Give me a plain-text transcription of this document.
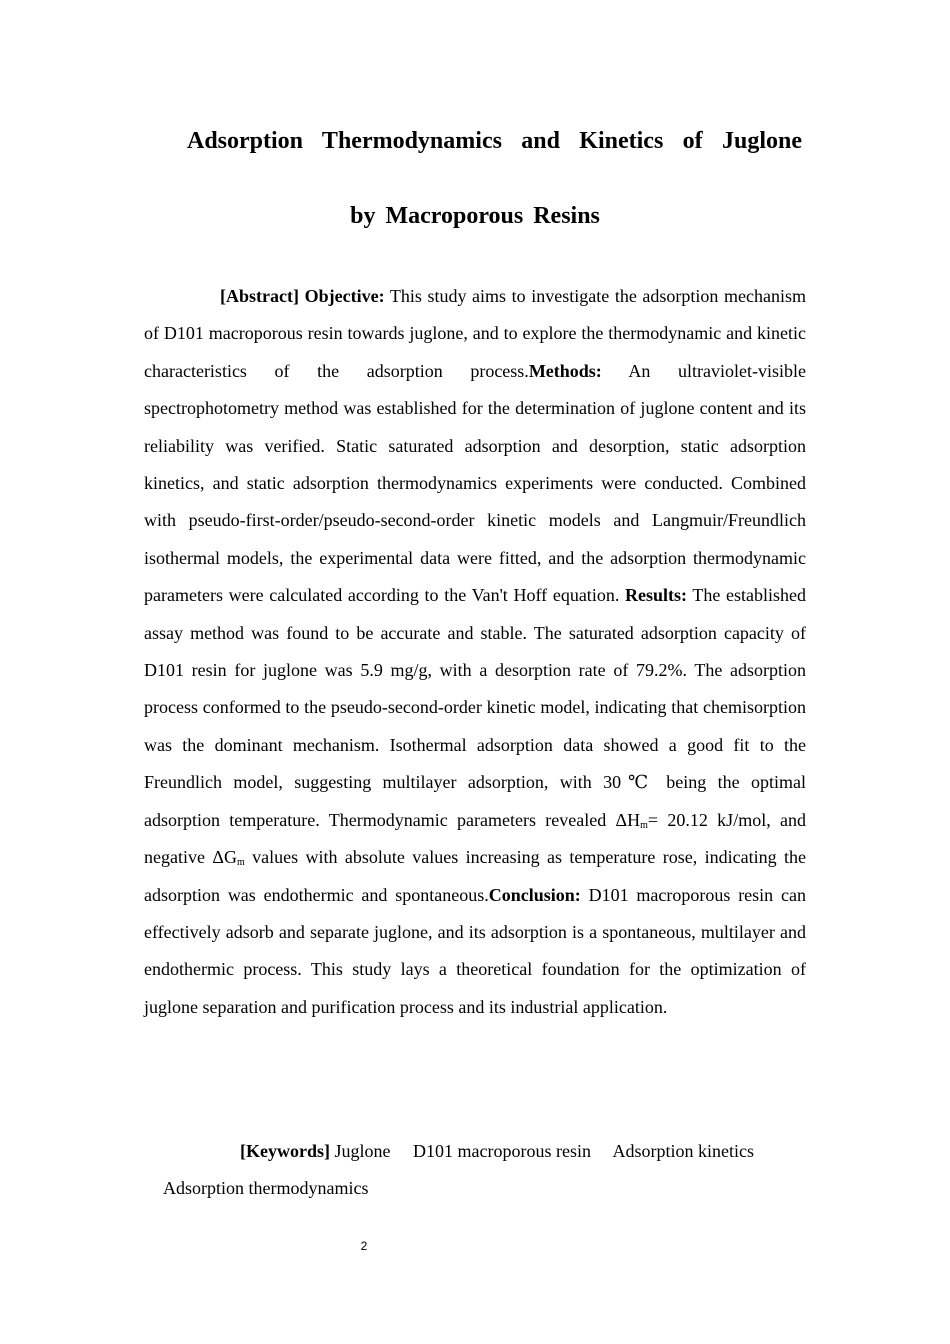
Adsorption Thermodynamics and Kinetics of Juglone
by Macroporous Resins

[Abstract] Objective: This study aims to investigate the adsorption mechanism of D101 macroporous resin towards juglone, and to explore the thermodynamic and kinetic characteristics of the adsorption process.Methods: An ultraviolet-visible spectrophotometry method was established for the determination of juglone content and its reliability was verified. Static saturated adsorption and desorption, static adsorption kinetics, and static adsorption thermodynamics experiments were conducted. Combined with pseudo-first-order/pseudo-second-order kinetic models and Langmuir/Freundlich isothermal models, the experimental data were fitted, and the adsorption thermodynamic parameters were calculated according to the Van't Hoff equation. Results: The established assay method was found to be accurate and stable. The saturated adsorption capacity of D101 resin for juglone was 5.9 mg/g, with a desorption rate of 79.2%. The adsorption process conformed to the pseudo-second-order kinetic model, indicating that chemisorption was the dominant mechanism. Isothermal adsorption data showed a good fit to the Freundlich model, suggesting multilayer adsorption, with 30℃ being the optimal adsorption temperature. Thermodynamic parameters revealed $\Delta H_m= 20.12$ kJ/mol, and negative $\Delta G_m$ values with absolute values increasing as temperature rose, indicating the adsorption was endothermic and spontaneous.Conclusion: D101 macroporous resin can effectively adsorb and separate juglone, and its adsorption is a spontaneous, multilayer and endothermic process. This study lays a theoretical foundation for the optimization of juglone separation and purification process and its industrial application.

[Keywords] Juglone D101 macroporous resin Adsorption kinetics
Adsorption thermodynamics

2
